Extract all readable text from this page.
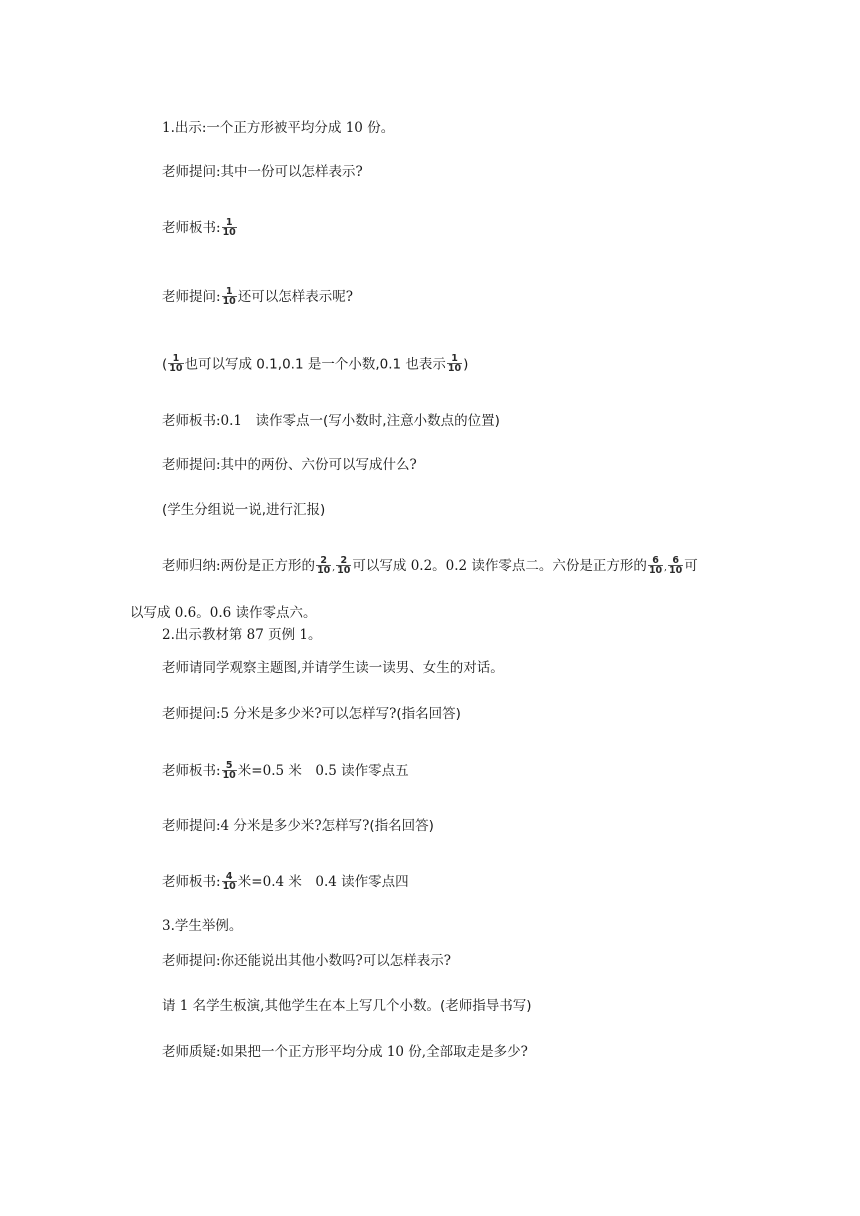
1.出示:一个正方形被平均分成 10 份。
老师提问:其中一份可以怎样表示?
老师板书: $\frac{1}{10}$
老师提问: $\frac{1}{10}$ 还可以怎样表示呢?
( $\frac{1}{10}$ 也可以写成 0.1,0.1 是一个小数,0.1 也表示 $\frac{1}{10}$ )
老师板书:0.1　读作零点一(写小数时,注意小数点的位置)
老师提问:其中的两份、六份可以写成什么?
(学生分组说一说,进行汇报)
老师归纳:两份是正方形的 $\frac{2}{10}$ , $\frac{2}{10}$ 可以写成 0.2。0.2 读作零点二。六份是正方形的 $\frac{6}{10}$ , $\frac{6}{10}$ 可
以写成 0.6。0.6 读作零点六。
2.出示教材第 87 页例 1。
老师请同学观察主题图,并请学生读一读男、女生的对话。
老师提问:5 分米是多少米?可以怎样写?(指名回答)
老师板书: $\frac{5}{10}$ 米=0.5 米　0.5 读作零点五
老师提问:4 分米是多少米?怎样写?(指名回答)
老师板书: $\frac{4}{10}$ 米=0.4 米　0.4 读作零点四
3.学生举例。
老师提问:你还能说出其他小数吗?可以怎样表示?
请 1 名学生板演,其他学生在本上写几个小数。(老师指导书写)
老师质疑:如果把一个正方形平均分成 10 份,全部取走是多少?
